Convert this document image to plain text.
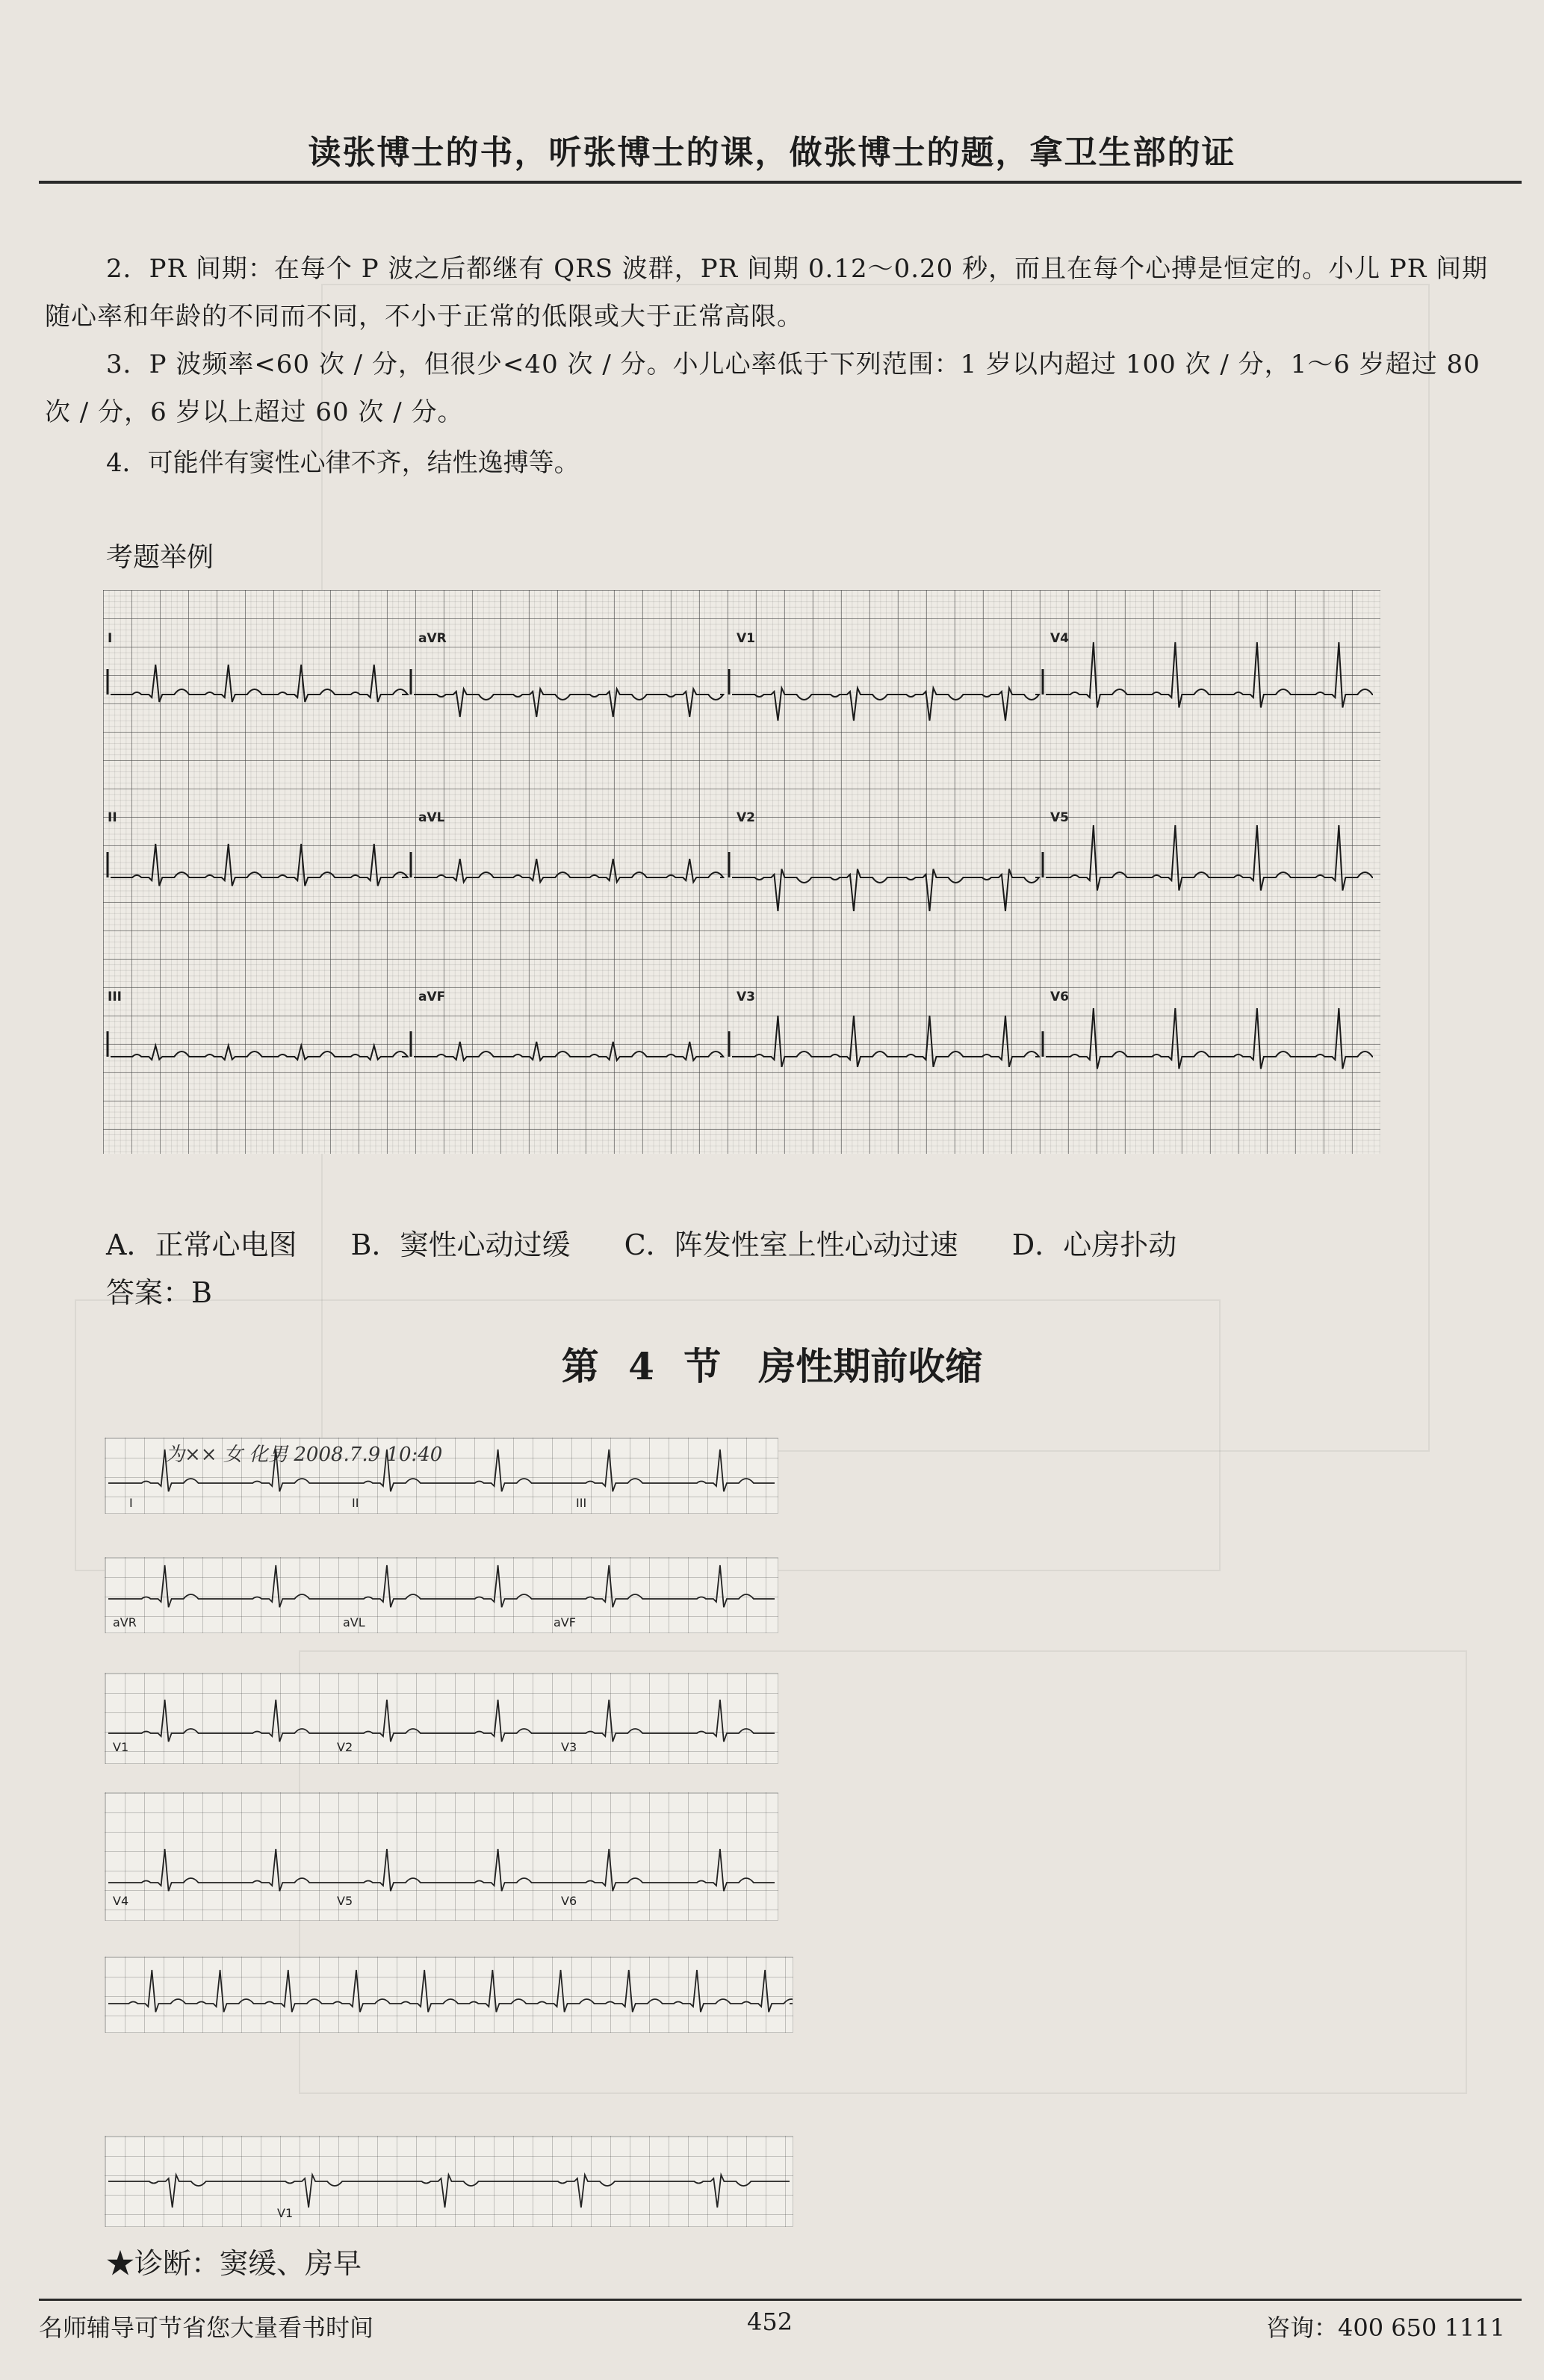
读张博士的书，听张博士的课，做张博士的题，拿卫生部的证

2．PR 间期：在每个 P 波之后都继有 QRS 波群，PR 间期 0.12～0.20 秒，而且在每个心搏是恒定的。小儿 PR 间期随心率和年龄的不同而不同，不小于正常的低限或大于正常高限。

3．P 波频率<60 次 / 分，但很少<40 次 / 分。小儿心率低于下列范围：1 岁以内超过 100 次 / 分，1～6 岁超过 80 次 / 分，6 岁以上超过 60 次 / 分。

4．可能伴有窦性心律不齐，结性逸搏等。

考题举例
I	aVR	V1	V4
II	aVL	V2	V5
III	aVF	V3	V6
A．正常心电图 B．窦性心动过缓 C．阵发性室上性心动过速 D．心房扑动
答案：B
第 4 节　房性期前收缩
为×× 女 化男 2008.7.9 10:40
I	II	III
aVR	aVL	aVF
V1	V2	V3
V4	V5	V6
V1
★诊断：窦缓、房早
名师辅导可节省您大量看书时间	452	咨询：400 650 1111
